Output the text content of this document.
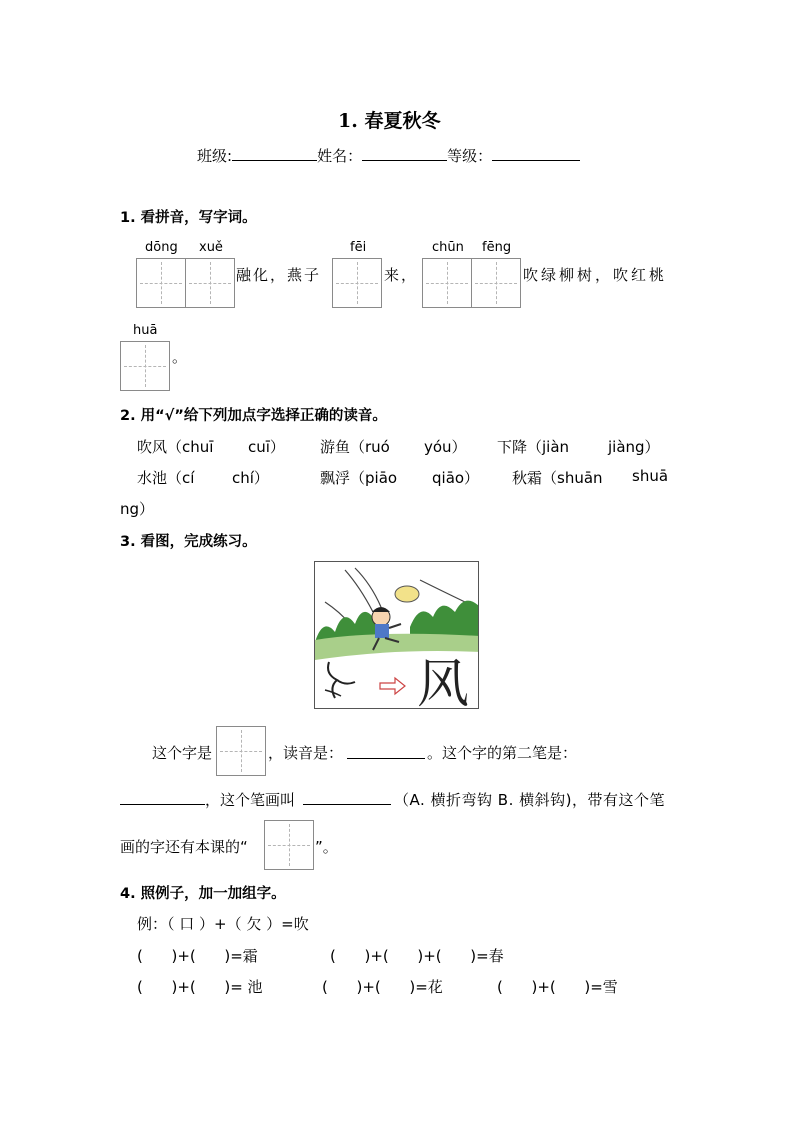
1. 春夏秋冬
班级:	姓名：	等级：
1. 看拼音，写字词。
dōng xuě	fēi	chūn fēng
融化，燕子	来，	吹绿柳树，吹红桃
huā
。
2. 用“√”给下列加点字选择正确的读音。
吹风（chuī cuī） 游鱼（ruó yóu） 下降（jiàn	jiàng）
水池（cí	chí）	飘浮（piāo qiāo） 秋霜（shuān shuā
ng）
3. 看图，完成练习。
风
这个字是	，读音是：	。这个字的第二笔是：
，这个笔画叫	（A. 横折弯钩 B. 横斜钩)，带有这个笔
画的字还有本课的“	”。
4. 照例子，加一加组字。
例：（ 口 ）+（ 欠 ）=吹
(      )+(      )=霜	(      )+(      )+(      )=春
(      )+(      )= 池	(      )+(      )=花	(      )+(      )=雪
